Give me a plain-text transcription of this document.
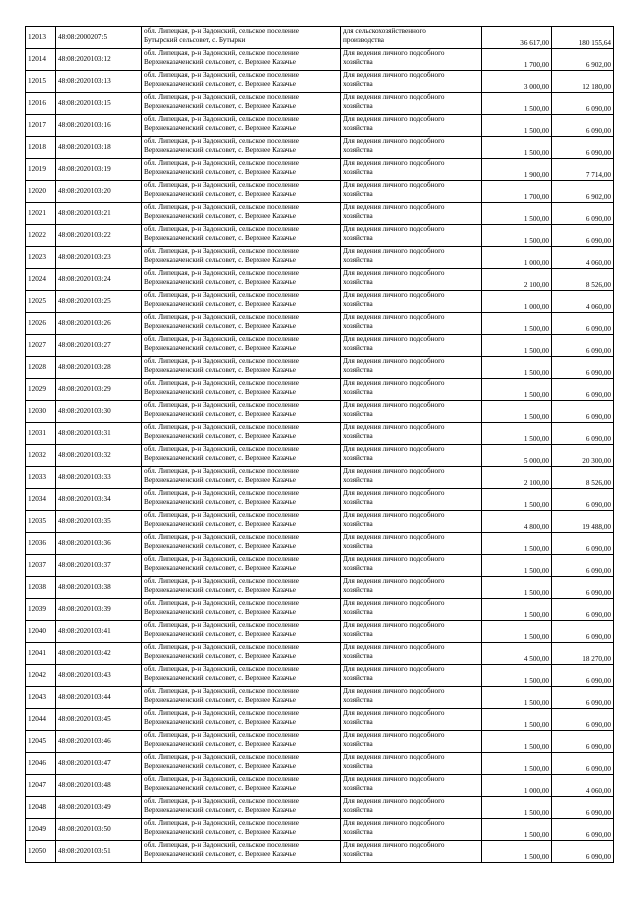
12013	48:08:2000207:5	обл. Липецкая, р-н Задонский, сельское поселение
Бутырский сельсовет, с. Бутырки	для сельскохозяйственного
производства	36 617,00	180 155,64
12014	48:08:2020103:12	обл. Липецкая, р-н Задонский, сельское поселение
Верхнеказаченский сельсовет, с. Верхнее Казачье	Для ведения личного подсобного
хозяйства	1 700,00	6 902,00
12015	48:08:2020103:13	обл. Липецкая, р-н Задонский, сельское поселение
Верхнеказаченский сельсовет, с. Верхнее Казачье	Для ведения личного подсобного
хозяйства	3 000,00	12 180,00
12016	48:08:2020103:15	обл. Липецкая, р-н Задонский, сельское поселение
Верхнеказаченский сельсовет, с. Верхнее Казачье	Для ведения личного подсобного
хозяйства	1 500,00	6 090,00
12017	48:08:2020103:16	обл. Липецкая, р-н Задонский, сельское поселение
Верхнеказаченский сельсовет, с. Верхнее Казачье	Для ведения личного подсобного
хозяйства	1 500,00	6 090,00
12018	48:08:2020103:18	обл. Липецкая, р-н Задонский, сельское поселение
Верхнеказаченский сельсовет, с. Верхнее Казачье	Для ведения личного подсобного
хозяйства	1 500,00	6 090,00
12019	48:08:2020103:19	обл. Липецкая, р-н Задонский, сельское поселение
Верхнеказаченский сельсовет, с. Верхнее Казачье	Для ведения личного подсобного
хозяйства	1 900,00	7 714,00
12020	48:08:2020103:20	обл. Липецкая, р-н Задонский, сельское поселение
Верхнеказаченский сельсовет, с. Верхнее Казачье	Для ведения личного подсобного
хозяйства	1 700,00	6 902,00
12021	48:08:2020103:21	обл. Липецкая, р-н Задонский, сельское поселение
Верхнеказаченский сельсовет, с. Верхнее Казачье	Для ведения личного подсобного
хозяйства	1 500,00	6 090,00
12022	48:08:2020103:22	обл. Липецкая, р-н Задонский, сельское поселение
Верхнеказаченский сельсовет, с. Верхнее Казачье	Для ведения личного подсобного
хозяйства	1 500,00	6 090,00
12023	48:08:2020103:23	обл. Липецкая, р-н Задонский, сельское поселение
Верхнеказаченский сельсовет, с. Верхнее Казачье	Для ведения личного подсобного
хозяйства	1 000,00	4 060,00
12024	48:08:2020103:24	обл. Липецкая, р-н Задонский, сельское поселение
Верхнеказаченский сельсовет, с. Верхнее Казачье	Для ведения личного подсобного
хозяйства	2 100,00	8 526,00
12025	48:08:2020103:25	обл. Липецкая, р-н Задонский, сельское поселение
Верхнеказаченский сельсовет, с. Верхнее Казачье	Для ведения личного подсобного
хозяйства	1 000,00	4 060,00
12026	48:08:2020103:26	обл. Липецкая, р-н Задонский, сельское поселение
Верхнеказаченский сельсовет, с. Верхнее Казачье	Для ведения личного подсобного
хозяйства	1 500,00	6 090,00
12027	48:08:2020103:27	обл. Липецкая, р-н Задонский, сельское поселение
Верхнеказаченский сельсовет, с. Верхнее Казачье	Для ведения личного подсобного
хозяйства	1 500,00	6 090,00
12028	48:08:2020103:28	обл. Липецкая, р-н Задонский, сельское поселение
Верхнеказаченский сельсовет, с. Верхнее Казачье	Для ведения личного подсобного
хозяйства	1 500,00	6 090,00
12029	48:08:2020103:29	обл. Липецкая, р-н Задонский, сельское поселение
Верхнеказаченский сельсовет, с. Верхнее Казачье	Для ведения личного подсобного
хозяйства	1 500,00	6 090,00
12030	48:08:2020103:30	обл. Липецкая, р-н Задонский, сельское поселение
Верхнеказаченский сельсовет, с. Верхнее Казачье	Для ведения личного подсобного
хозяйства	1 500,00	6 090,00
12031	48:08:2020103:31	обл. Липецкая, р-н Задонский, сельское поселение
Верхнеказаченский сельсовет, с. Верхнее Казачье	Для ведения личного подсобного
хозяйства	1 500,00	6 090,00
12032	48:08:2020103:32	обл. Липецкая, р-н Задонский, сельское поселение
Верхнеказаченский сельсовет, с. Верхнее Казачье	Для ведения личного подсобного
хозяйства	5 000,00	20 300,00
12033	48:08:2020103:33	обл. Липецкая, р-н Задонский, сельское поселение
Верхнеказаченский сельсовет, с. Верхнее Казачье	Для ведения личного подсобного
хозяйства	2 100,00	8 526,00
12034	48:08:2020103:34	обл. Липецкая, р-н Задонский, сельское поселение
Верхнеказаченский сельсовет, с. Верхнее Казачье	Для ведения личного подсобного
хозяйства	1 500,00	6 090,00
12035	48:08:2020103:35	обл. Липецкая, р-н Задонский, сельское поселение
Верхнеказаченский сельсовет, с. Верхнее Казачье	Для ведения личного подсобного
хозяйства	4 800,00	19 488,00
12036	48:08:2020103:36	обл. Липецкая, р-н Задонский, сельское поселение
Верхнеказаченский сельсовет, с. Верхнее Казачье	Для ведения личного подсобного
хозяйства	1 500,00	6 090,00
12037	48:08:2020103:37	обл. Липецкая, р-н Задонский, сельское поселение
Верхнеказаченский сельсовет, с. Верхнее Казачье	Для ведения личного подсобного
хозяйства	1 500,00	6 090,00
12038	48:08:2020103:38	обл. Липецкая, р-н Задонский, сельское поселение
Верхнеказаченский сельсовет, с. Верхнее Казачье	Для ведения личного подсобного
хозяйства	1 500,00	6 090,00
12039	48:08:2020103:39	обл. Липецкая, р-н Задонский, сельское поселение
Верхнеказаченский сельсовет, с. Верхнее Казачье	Для ведения личного подсобного
хозяйства	1 500,00	6 090,00
12040	48:08:2020103:41	обл. Липецкая, р-н Задонский, сельское поселение
Верхнеказаченский сельсовет, с. Верхнее Казачье	Для ведения личного подсобного
хозяйства	1 500,00	6 090,00
12041	48:08:2020103:42	обл. Липецкая, р-н Задонский, сельское поселение
Верхнеказаченский сельсовет, с. Верхнее Казачье	Для ведения личного подсобного
хозяйства	4 500,00	18 270,00
12042	48:08:2020103:43	обл. Липецкая, р-н Задонский, сельское поселение
Верхнеказаченский сельсовет, с. Верхнее Казачье	Для ведения личного подсобного
хозяйства	1 500,00	6 090,00
12043	48:08:2020103:44	обл. Липецкая, р-н Задонский, сельское поселение
Верхнеказаченский сельсовет, с. Верхнее Казачье	Для ведения личного подсобного
хозяйства	1 500,00	6 090,00
12044	48:08:2020103:45	обл. Липецкая, р-н Задонский, сельское поселение
Верхнеказаченский сельсовет, с. Верхнее Казачье	Для ведения личного подсобного
хозяйства	1 500,00	6 090,00
12045	48:08:2020103:46	обл. Липецкая, р-н Задонский, сельское поселение
Верхнеказаченский сельсовет, с. Верхнее Казачье	Для ведения личного подсобного
хозяйства	1 500,00	6 090,00
12046	48:08:2020103:47	обл. Липецкая, р-н Задонский, сельское поселение
Верхнеказаченский сельсовет, с. Верхнее Казачье	Для ведения личного подсобного
хозяйства	1 500,00	6 090,00
12047	48:08:2020103:48	обл. Липецкая, р-н Задонский, сельское поселение
Верхнеказаченский сельсовет, с. Верхнее Казачье	Для ведения личного подсобного
хозяйства	1 000,00	4 060,00
12048	48:08:2020103:49	обл. Липецкая, р-н Задонский, сельское поселение
Верхнеказаченский сельсовет, с. Верхнее Казачье	Для ведения личного подсобного
хозяйства	1 500,00	6 090,00
12049	48:08:2020103:50	обл. Липецкая, р-н Задонский, сельское поселение
Верхнеказаченский сельсовет, с. Верхнее Казачье	Для ведения личного подсобного
хозяйства	1 500,00	6 090,00
12050	48:08:2020103:51	обл. Липецкая, р-н Задонский, сельское поселение
Верхнеказаченский сельсовет, с. Верхнее Казачье	Для ведения личного подсобного
хозяйства	1 500,00	6 090,00
